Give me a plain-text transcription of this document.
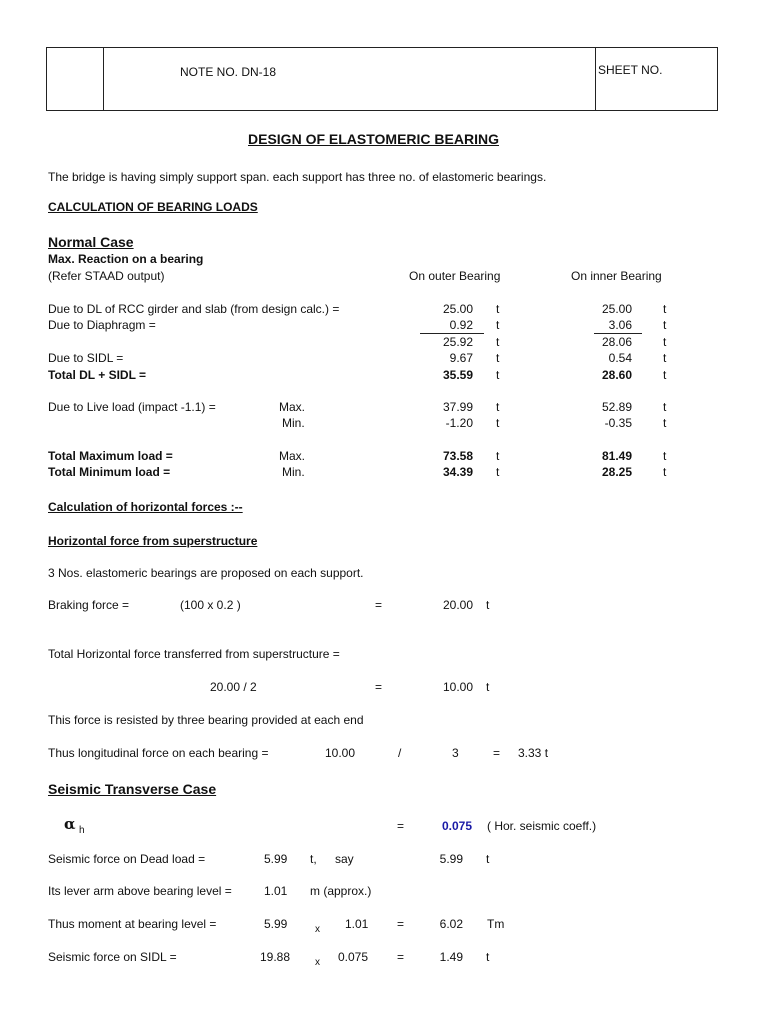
NOTE NO. DN-18	SHEET NO.
DESIGN OF ELASTOMERIC BEARING
The bridge is having simply support span. each support has three no. of elastomeric bearings.
CALCULATION OF BEARING LOADS
Normal Case
Max. Reaction on a bearing
(Refer STAAD output)	On outer Bearing	On inner Bearing
Due to DL of RCC girder and slab (from design calc.) =	25.00 t	25.00	t
Due to Diaphragm =	0.92 t	3.06	t
25.92 t	28.06	t
Due to SIDL =	9.67 t	0.54	t
Total DL + SIDL =	35.59 t	28.60	t
Due to Live load (impact -1.1) =	Max.	37.99 t	52.89	t
Min.	-1.20 t	-0.35	t
Total Maximum load =	Max.	73.58 t	81.49	t
Total Minimum load =	Min.	34.39 t	28.25	t
Calculation of horizontal forces :--
Horizontal force from superstructure
3 Nos. elastomeric bearings are proposed on each support.
Braking force =	(100 x 0.2 )	=	20.00 t
Total Horizontal force transferred from superstructure =
20.00 / 2	=	10.00 t
This force is resisted by three bearing provided at each end
Thus longitudinal force on each bearing =	10.00	/	3	= 3.33 t
Seismic Transverse Case
α h	=	0.075 ( Hor. seismic coeff.)
Seismic force on Dead load =	5.99 t, say	5.99 t
Its lever arm above bearing level =	1.01 m (approx.)
Thus moment at bearing level =	5.99	x 1.01 =	6.02 Tm
Seismic force on SIDL =	19.88 x 0.075 =	1.49 t
